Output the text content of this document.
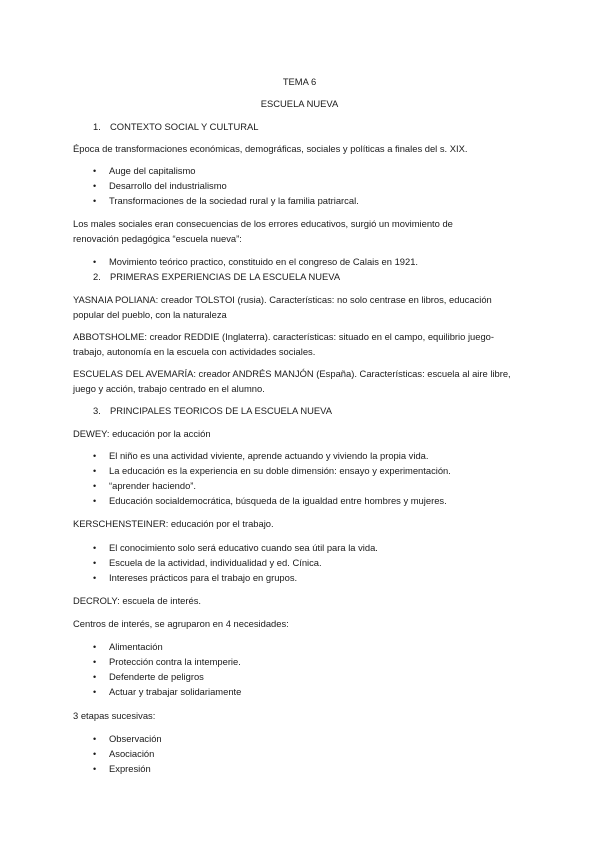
TEMA 6
ESCUELA NUEVA
1. CONTEXTO SOCIAL Y CULTURAL
Época de transformaciones económicas, demográficas, sociales y políticas a finales del s. XIX.
• Auge del capitalismo
• Desarrollo del industrialismo
• Transformaciones de la sociedad rural y la familia patriarcal.
Los males sociales eran consecuencias de los errores educativos, surgió un movimiento de
renovación pedagógica “escuela nueva”:
• Movimiento teórico practico, constituido en el congreso de Calais en 1921.
2. PRIMERAS EXPERIENCIAS DE LA ESCUELA NUEVA
YASNAIA POLIANA: creador TOLSTOI (rusia). Características: no solo centrase en libros, educación
popular del pueblo, con la naturaleza
ABBOTSHOLME: creador REDDIE (Inglaterra). características: situado en el campo, equilibrio juego-
trabajo, autonomía en la escuela con actividades sociales.
ESCUELAS DEL AVEMARÍA: creador ANDRÉS MANJÓN (España). Características: escuela al aire libre,
juego y acción, trabajo centrado en el alumno.
3. PRINCIPALES TEORICOS DE LA ESCUELA NUEVA
DEWEY: educación por la acción
• El niño es una actividad viviente, aprende actuando y viviendo la propia vida.
• La educación es la experiencia en su doble dimensión: ensayo y experimentación.
• “aprender haciendo”.
• Educación socialdemocrática, búsqueda de la igualdad entre hombres y mujeres.
KERSCHENSTEINER: educación por el trabajo.
• El conocimiento solo será educativo cuando sea útil para la vida.
• Escuela de la actividad, individualidad y ed. Cínica.
• Intereses prácticos para el trabajo en grupos.
DECROLY: escuela de interés.
Centros de interés, se agruparon en 4 necesidades:
• Alimentación
• Protección contra la intemperie.
• Defenderte de peligros
• Actuar y trabajar solidariamente
3 etapas sucesivas:
• Observación
• Asociación
• Expresión
